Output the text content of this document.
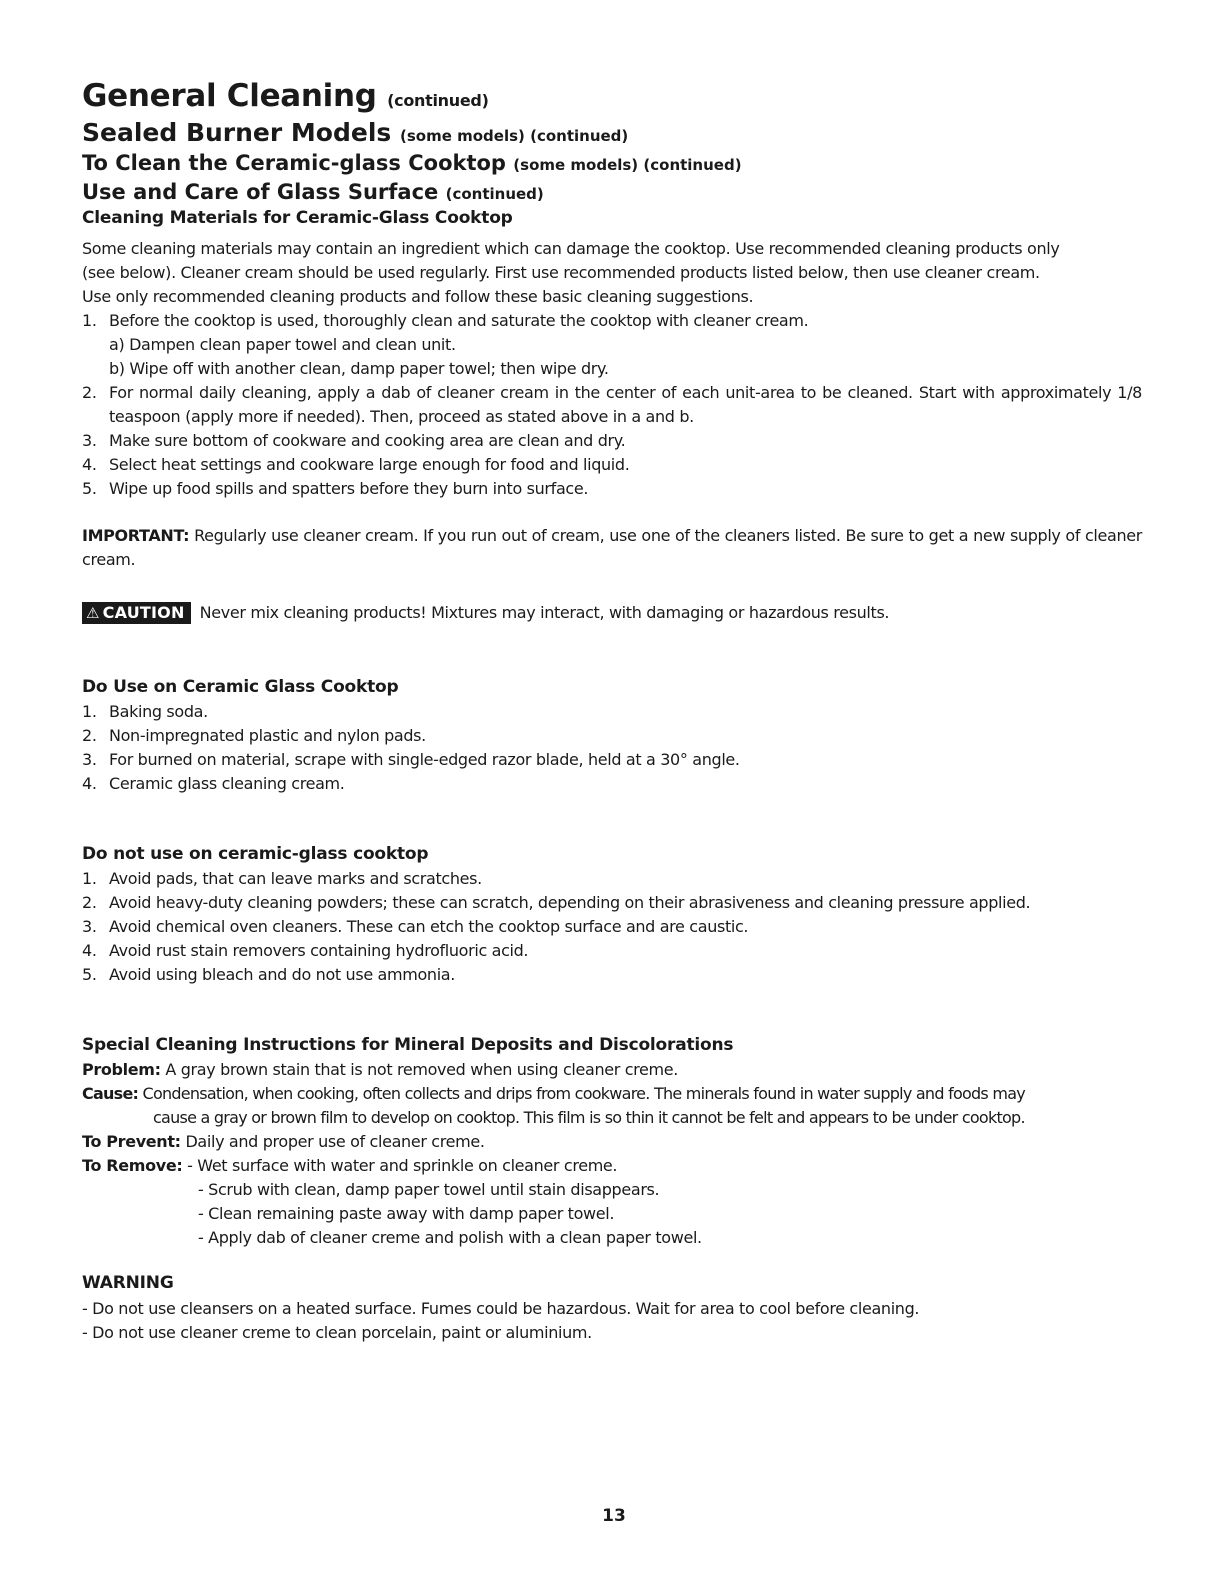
General Cleaning (continued)
Sealed Burner Models (some models) (continued)
To Clean the Ceramic-glass Cooktop (some models) (continued)
Use and Care of Glass Surface (continued)
Cleaning Materials for Ceramic-Glass Cooktop
Some cleaning materials may contain an ingredient which can damage the cooktop. Use recommended cleaning products only
(see below). Cleaner cream should be used regularly. First use recommended products listed below, then use cleaner cream.
Use only recommended cleaning products and follow these basic cleaning suggestions.
1. Before the cooktop is used, thoroughly clean and saturate the cooktop with cleaner cream.
a) Dampen clean paper towel and clean unit.
b) Wipe off with another clean, damp paper towel; then wipe dry.
2. For normal daily cleaning, apply a dab of cleaner cream in the center of each unit-area to be cleaned. Start with approximately 1/8 teaspoon (apply more if needed). Then, proceed as stated above in a and b.
3. Make sure bottom of cookware and cooking area are clean and dry.
4. Select heat settings and cookware large enough for food and liquid.
5. Wipe up food spills and spatters before they burn into surface.
IMPORTANT: Regularly use cleaner cream. If you run out of cream, use one of the cleaners listed. Be sure to get a new supply of cleaner cream.
⚠ CAUTION Never mix cleaning products! Mixtures may interact, with damaging or hazardous results.
Do Use on Ceramic Glass Cooktop
1. Baking soda.
2. Non-impregnated plastic and nylon pads.
3. For burned on material, scrape with single-edged razor blade, held at a 30° angle.
4. Ceramic glass cleaning cream.
Do not use on ceramic-glass cooktop
1. Avoid pads, that can leave marks and scratches.
2. Avoid heavy-duty cleaning powders; these can scratch, depending on their abrasiveness and cleaning pressure applied.
3. Avoid chemical oven cleaners. These can etch the cooktop surface and are caustic.
4. Avoid rust stain removers containing hydrofluoric acid.
5. Avoid using bleach and do not use ammonia.
Special Cleaning Instructions for Mineral Deposits and Discolorations
Problem: A gray brown stain that is not removed when using cleaner creme.
Cause: Condensation, when cooking, often collects and drips from cookware. The minerals found in water supply and foods may
cause a gray or brown film to develop on cooktop. This film is so thin it cannot be felt and appears to be under cooktop.
To Prevent: Daily and proper use of cleaner creme.
To Remove: - Wet surface with water and sprinkle on cleaner creme.
- Scrub with clean, damp paper towel until stain disappears.
- Clean remaining paste away with damp paper towel.
- Apply dab of cleaner creme and polish with a clean paper towel.
WARNING
- Do not use cleansers on a heated surface. Fumes could be hazardous. Wait for area to cool before cleaning.
- Do not use cleaner creme to clean porcelain, paint or aluminium.
13
